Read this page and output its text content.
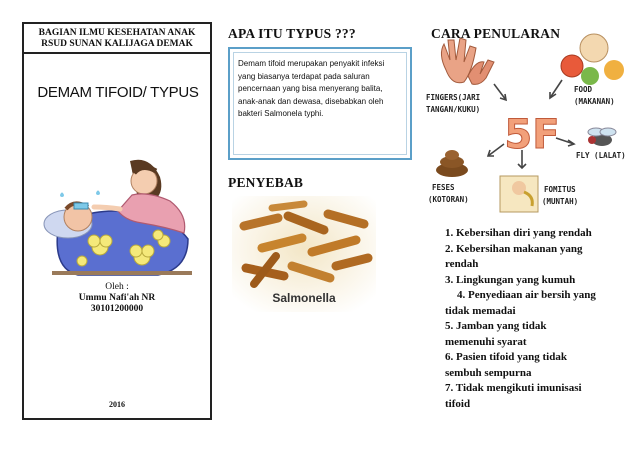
BAGIAN ILMU KESEHATAN ANAK
RSUD SUNAN KALIJAGA DEMAK
DEMAM TIFOID/ TYPUS
Oleh :
Ummu Nafi'ah NR
30101200000
2016
APA ITU TYPUS ???
Demam tifoid merupakan penyakit infeksi yang biasanya terdapat pada saluran pencernaan yang bisa menyerang balita, anak-anak dan dewasa, disebabkan oleh bakteri Salmonela typhi.
PENYEBAB
Salmonella
5F
FINGERS(JARI
TANGAN/KUKU)
FOOD
(MAKANAN)
FLY (LALAT)
FESES
(KOTORAN)
FOMITUS
(MUNTAH)
CARA PENULARAN
1. Kebersihan diri yang rendah
2. Kebersihan makanan yang
rendah
3. Lingkungan yang kumuh
4. Penyediaan air bersih yang
tidak memadai
5. Jamban yang tidak
memenuhi syarat
6. Pasien tifoid yang tidak
sembuh sempurna
7. Tidak mengikuti imunisasi
tifoid
